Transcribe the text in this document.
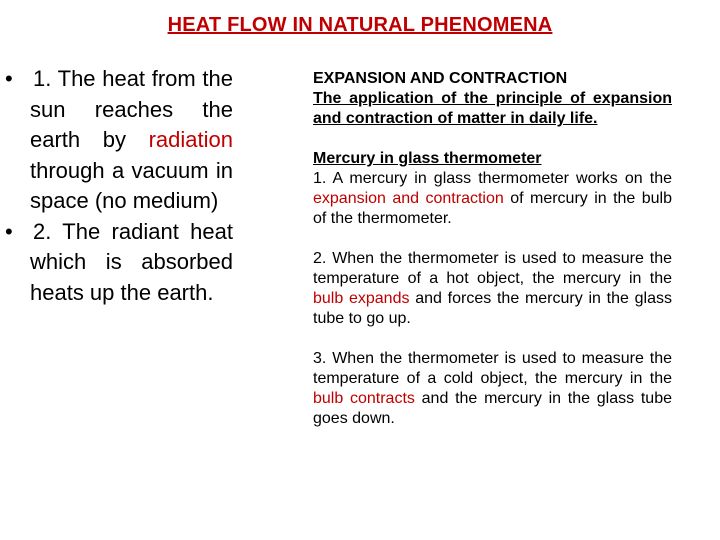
HEAT FLOW IN NATURAL PHENOMENA
• 1. The heat from the sun reaches the earth by radiation through a vacuum in space (no medium)
• 2. The radiant heat which is absorbed heats up the earth.
EXPANSION AND CONTRACTION
The application of the principle of expansion and contraction of matter in daily life.
Mercury in glass thermometer
1. A mercury in glass thermometer works on the expansion and contraction of mercury in the bulb of the thermometer.
2. When the thermometer is used to measure the temperature of a hot object, the mercury in the bulb expands and forces the mercury in the glass tube to go up.
3. When the thermometer is used to measure the temperature of a cold object, the mercury in the bulb contracts and the mercury in the glass tube goes down.
